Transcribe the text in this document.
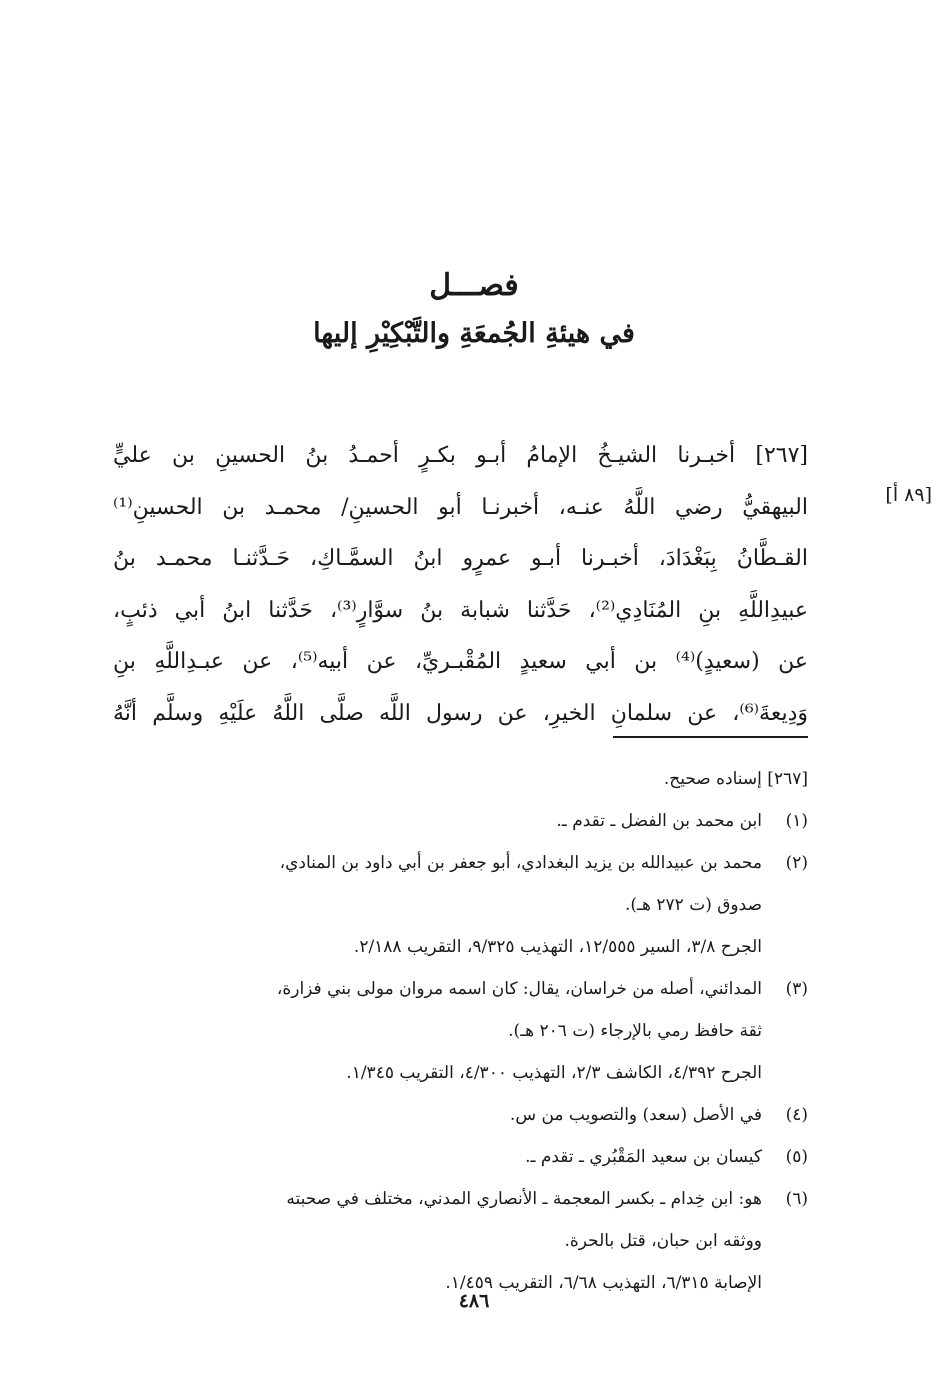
فصـــل
في هيئةِ الجُمعَةِ والتَّبْكِيْرِ إليها
[٨٩ أ]
[٢٦٧] أخبـرنا الشيـخُ الإمامُ أبـو بكـرٍ أحمـدُ بنُ الحسينِ بن عليٍّ
البيهقيُّ رضي اللَّهُ عنـه، أخبرنـا أبو الحسينِ/ محمـد بن الحسينِ⁽¹⁾
القـطَّانُ بِبَغْدَادَ، أخبـرنا أبـو عمرٍو ابنُ السمَّـاكِ، حَـدَّثنـا محمـد بنُ
عبيدِاللَّهِ بنِ المُنَادِي⁽²⁾، حَدَّثنا شبابة بنُ سوَّارٍ⁽³⁾، حَدَّثنا ابنُ أبي ذئبٍ،
عن (سعيدٍ)⁽⁴⁾ بن أبي سعيدٍ المُقْبـريِّ، عن أبيه⁽⁵⁾، عن عبـدِاللَّهِ بنِ
وَدِيعةَ⁽⁶⁾، عن سلمانِ الخيرِ، عن رسول اللَّه صلَّى اللَّهُ علَيْهِ وسلَّم أنَّهُ
[٢٦٧] إسناده صحيح.
(١)
ابن محمد بن الفضل ـ تقدم ـ.
(٢)
محمد بن عبيدالله بن يزيد البغدادي، أبو جعفر بن أبي داود بن المنادي،
صدوق (ت ٢٧٢ هـ).
الجرح ٣/٨، السير ١٢/٥٥٥، التهذيب ٩/٣٢٥، التقريب ٢/١٨٨.
(٣)
المدائني، أصله من خراسان، يقال: كان اسمه مروان مولى بني فزارة،
ثقة حافظ رمي بالإرجاء (ت ٢٠٦ هـ).
الجرح ٤/٣٩٢، الكاشف ٢/٣، التهذيب ٤/٣٠٠، التقريب ١/٣٤٥.
(٤)
في الأصل (سعد) والتصويب من س.
(٥)
كيسان بن سعيد المَقْبُري ـ تقدم ـ.
(٦)
هو: ابن خِدام ـ بكسر المعجمة ـ الأنصاري المدني، مختلف في صحبته
ووثقه ابن حبان، قتل بالحرة.
الإصابة ٦/٣١٥، التهذيب ٦/٦٨، التقريب ١/٤٥٩.
٤٨٦
